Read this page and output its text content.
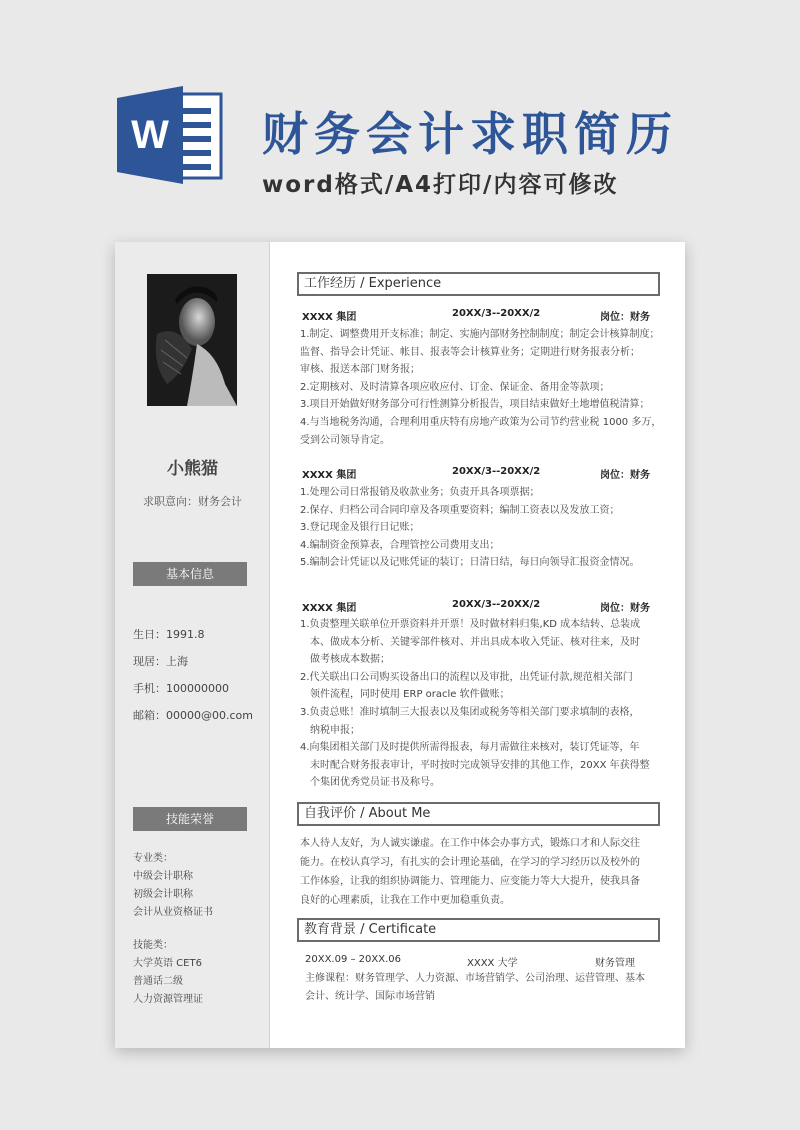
W 财务会计求职简历
word格式/A4打印/内容可修改
小熊猫
求职意向：财务会计
基本信息
生日：1991.8
现居：上海
手机：100000000
邮箱：00000@00.com
技能荣誉
专业类：
中级会计职称
初级会计职称
会计从业资格证书
技能类：
大学英语 CET6
普通话二级
人力资源管理证
工作经历 / Experience
XXXX 集团	20XX/3--20XX/2	岗位：财务
1.制定、调整费用开支标准；制定、实施内部财务控制制度；制定会计核算制度；
监督、指导会计凭证、帐目、报表等会计核算业务；定期进行财务报表分析；
审核、报送本部门财务报；
2.定期核对、及时清算各项应收应付、订金、保证金、备用金等款项；
3.项目开始做好财务部分可行性测算分析报告，项目结束做好土地增值税清算；
4.与当地税务沟通，合理利用重庆特有房地产政策为公司节约营业税 1000 多万，
受到公司领导肯定。
XXXX 集团	20XX/3--20XX/2	岗位：财务
1.处理公司日常报销及收款业务；负责开具各项票据；
2.保存、归档公司合同印章及各项重要资料；编制工资表以及发放工资；
3.登记现金及银行日记账；
4.编制资金预算表，合理管控公司费用支出；
5.编制会计凭证以及记账凭证的装订；日清日结，每日向领导汇报资金情况。
XXXX 集团	20XX/3--20XX/2	岗位：财务
1.负责整理关联单位开票资料并开票！及时做材料归集,KD 成本结转、总装成
本、做成本分析、关键零部件核对、并出具成本收入凭证、核对往来，及时
做考核成本数据；
2.代关联出口公司购买设备出口的流程以及审批，出凭证付款,规范相关部门
领件流程，同时使用 ERP oracle 软件做账；
3.负责总账！准时填制三大报表以及集团或税务等相关部门要求填制的表格，
纳税申报；
4.向集团相关部门及时提供所需得报表，每月需做往来核对，装订凭证等，年
末时配合财务报表审计，平时按时完成领导安排的其他工作，20XX 年获得整
个集团优秀党员证书及称号。
自我评价 / About Me
本人待人友好，为人诚实谦虚。在工作中体会办事方式，锻炼口才和人际交往
能力。在校认真学习，有扎实的会计理论基础，在学习的学习经历以及校外的
工作体验，让我的组织协调能力、管理能力、应变能力等大大提升，使我具备
良好的心理素质，让我在工作中更加稳重负责。
教育背景 / Certificate
20XX.09 – 20XX.06	XXXX 大学	财务管理
主修课程：财务管理学、人力资源、市场营销学、公司治理、运营管理、基本
会计、统计学、国际市场营销
